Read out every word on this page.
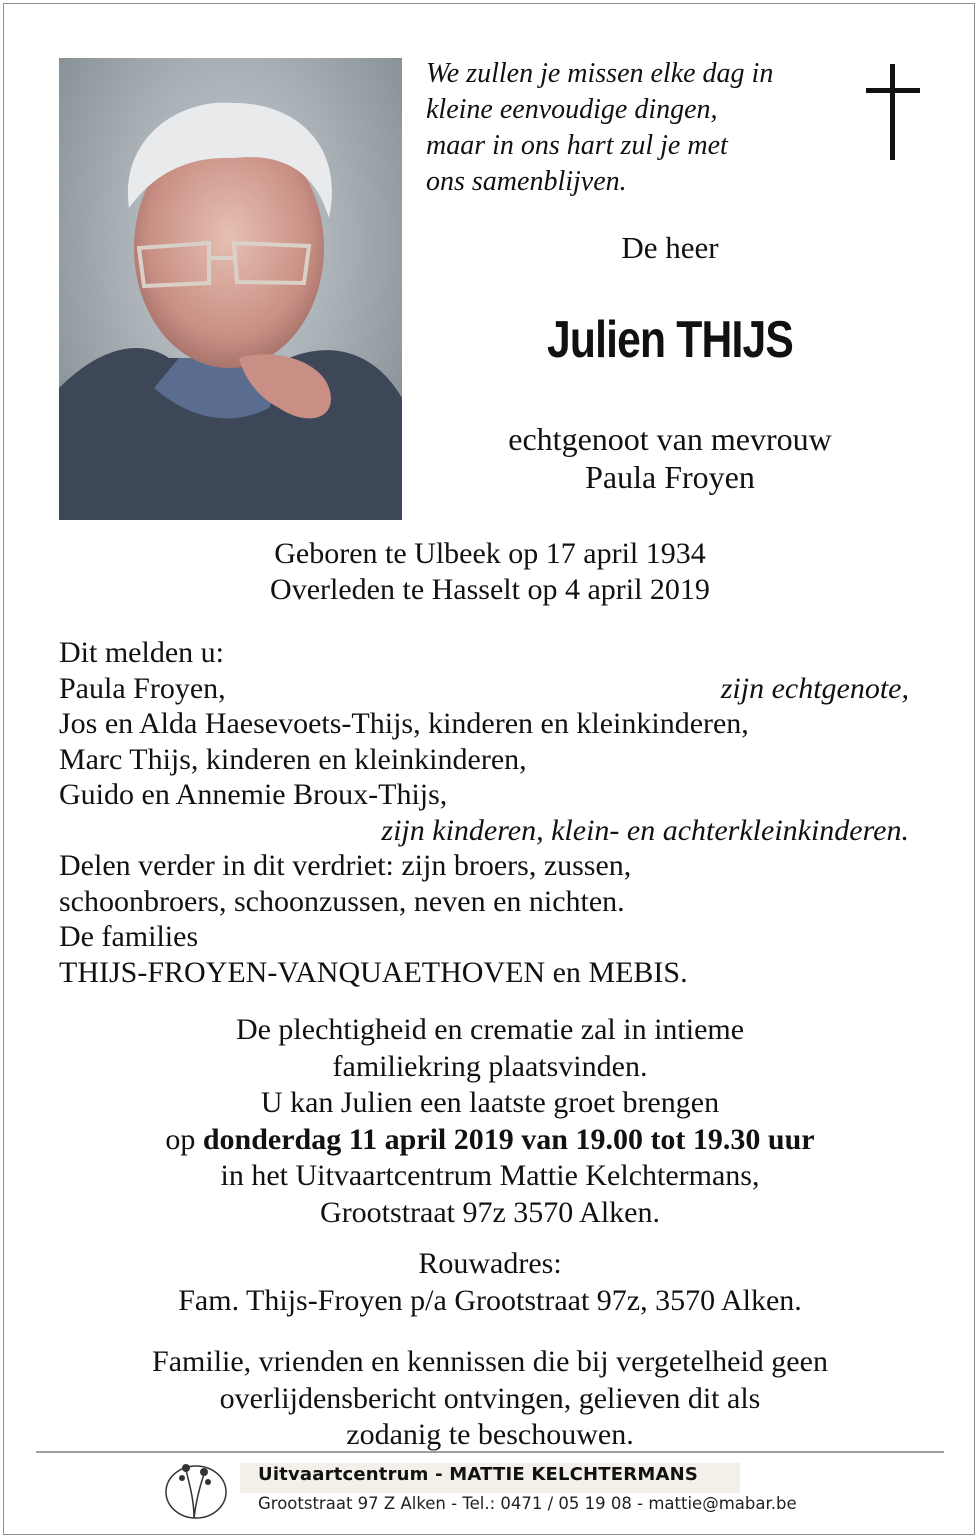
We zullen je missen elke dag in
kleine eenvoudige dingen,
maar in ons hart zul je met
ons samenblijven.
De heer
Julien THIJS
echtgenoot van mevrouw
Paula Froyen
Geboren te Ulbeek op 17 april 1934
Overleden te Hasselt op 4 april 2019
Dit melden u:
Paula Froyen,	zijn echtgenote,
Jos en Alda Haesevoets-Thijs, kinderen en kleinkinderen,
Marc Thijs, kinderen en kleinkinderen,
Guido en Annemie Broux-Thijs,
zijn kinderen, klein- en achterkleinkinderen.
Delen verder in dit verdriet: zijn broers, zussen,
schoonbroers, schoonzussen, neven en nichten.
De families
THIJS-FROYEN-VANQUAETHOVEN en MEBIS.
De plechtigheid en crematie zal in intieme
familiekring plaatsvinden.
U kan Julien een laatste groet brengen
op donderdag 11 april 2019 van 19.00 tot 19.30 uur
in het Uitvaartcentrum Mattie Kelchtermans,
Grootstraat 97z 3570 Alken.
Rouwadres:
Fam. Thijs-Froyen p/a Grootstraat 97z, 3570 Alken.
Familie, vrienden en kennissen die bij vergetelheid geen
overlijdensbericht ontvingen, gelieven dit als
zodanig te beschouwen.
Uitvaartcentrum - MATTIE KELCHTERMANS
Grootstraat 97 Z Alken - Tel.: 0471 / 05 19 08 - mattie@mabar.be
